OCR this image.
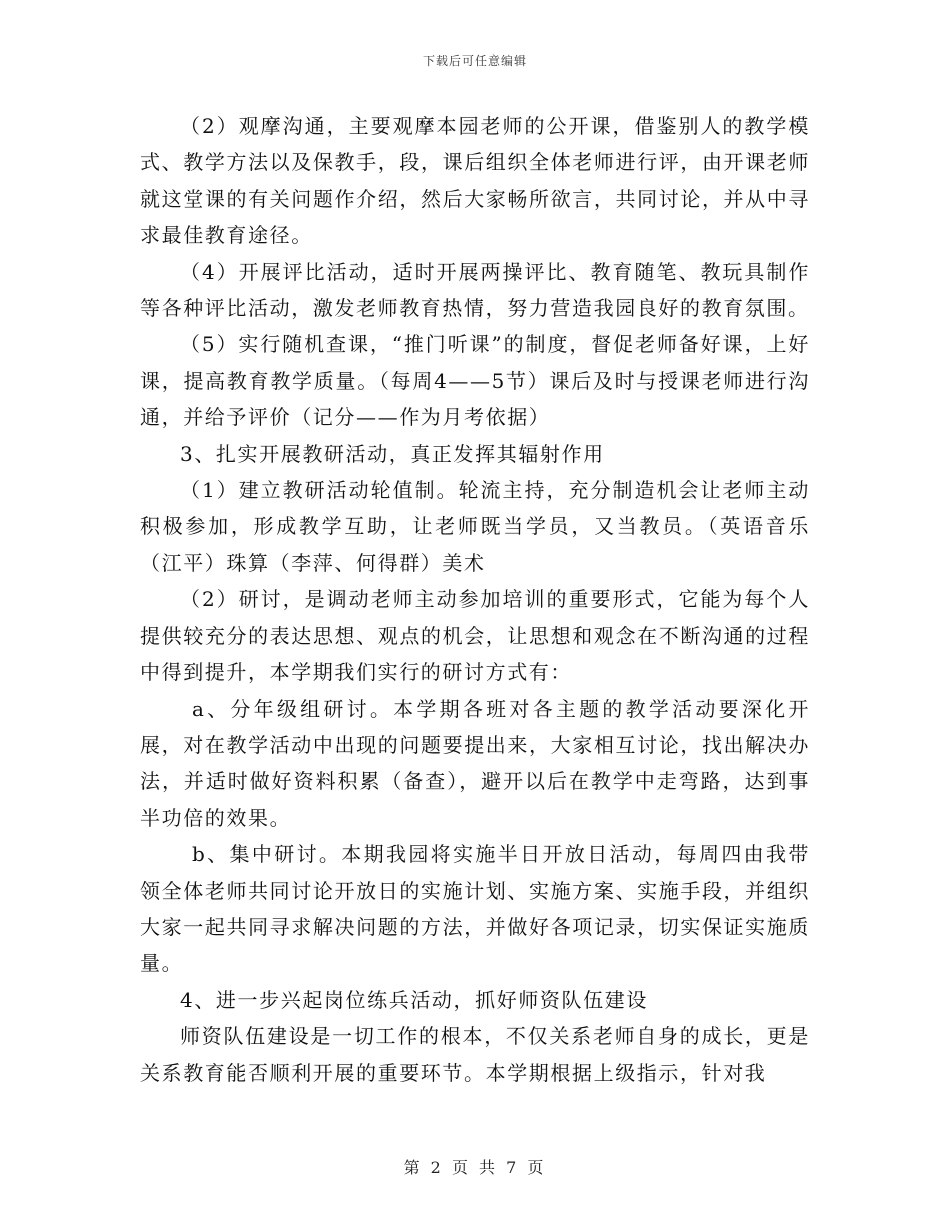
下载后可任意编辑

（2）观摩沟通，主要观摩本园老师的公开课，借鉴别人的教学模式、教学方法以及保教手，段，课后组织全体老师进行评，由开课老师就这堂课的有关问题作介绍，然后大家畅所欲言，共同讨论，并从中寻求最佳教育途径。

（4）开展评比活动，适时开展两操评比、教育随笔、教玩具制作等各种评比活动，激发老师教育热情，努力营造我园良好的教育氛围。

（5）实行随机查课，“推门听课”的制度，督促老师备好课，上好课，提高教育教学质量。（每周4——5节）课后及时与授课老师进行沟通，并给予评价（记分——作为月考依据）

3、扎实开展教研活动，真正发挥其辐射作用

（1）建立教研活动轮值制。轮流主持，充分制造机会让老师主动积极参加，形成教学互助，让老师既当学员，又当教员。（英语音乐（江平）珠算（李萍、何得群）美术

（2）研讨，是调动老师主动参加培训的重要形式，它能为每个人提供较充分的表达思想、观点的机会，让思想和观念在不断沟通的过程中得到提升，本学期我们实行的研讨方式有：

a、分年级组研讨。本学期各班对各主题的教学活动要深化开展，对在教学活动中出现的问题要提出来，大家相互讨论，找出解决办法，并适时做好资料积累（备查），避开以后在教学中走弯路，达到事半功倍的效果。

b、集中研讨。本期我园将实施半日开放日活动，每周四由我带领全体老师共同讨论开放日的实施计划、实施方案、实施手段，并组织大家一起共同寻求解决问题的方法，并做好各项记录，切实保证实施质量。

4、进一步兴起岗位练兵活动，抓好师资队伍建设

师资队伍建设是一切工作的根本，不仅关系老师自身的成长，更是关系教育能否顺利开展的重要环节。本学期根据上级指示，针对我

第 2 页 共 7 页
